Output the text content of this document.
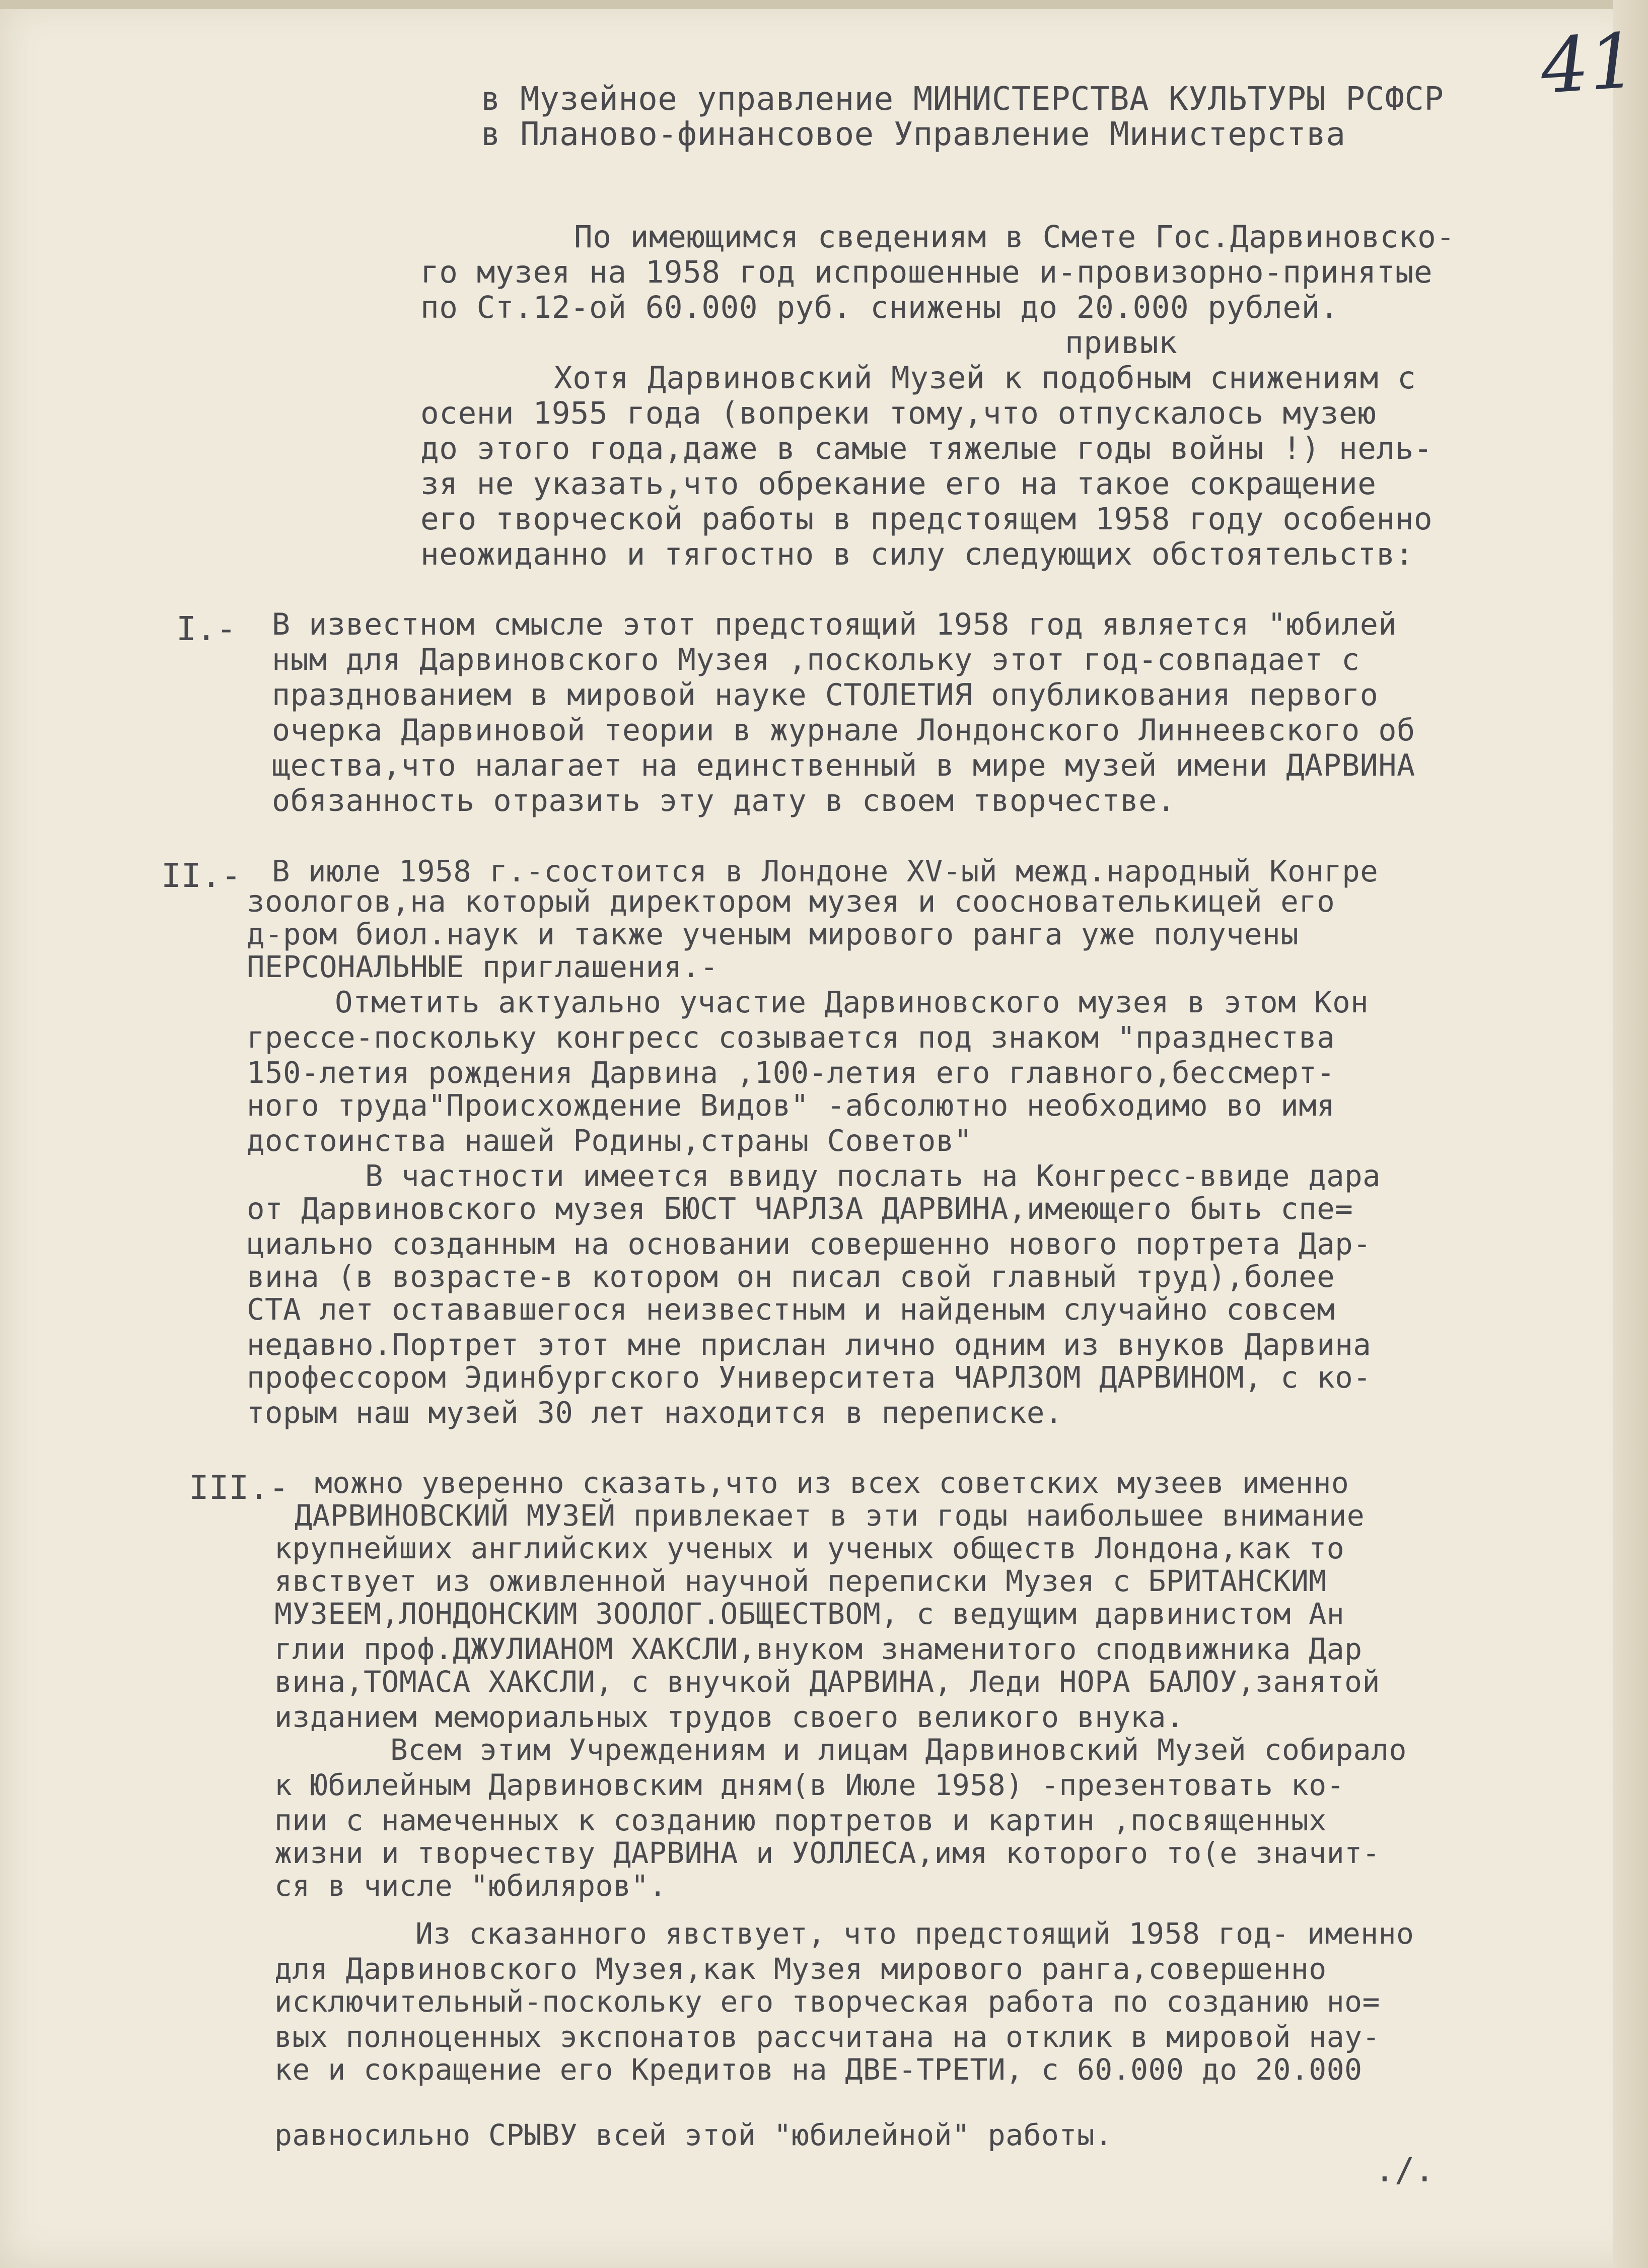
41
в Музейное управление МИНИСТЕРСТВА КУЛЬТУРЫ РСФСР
в Планово-финансовое Управление Министерства
По имеющимся сведениям в Смете Гос.Дарвиновско-
го музея на 1958 год испрошенные и-провизорно-принятые
по Ст.12-ой 60.000 руб. снижены до 20.000 рублей.
привык
Хотя Дарвиновский Музей к подобным снижениям с
осени 1955 года (вопреки тому,что отпускалось музею
до этого года,даже в самые тяжелые годы войны !) нель-
зя не указать,что обрекание его на такое сокращение
его творческой работы в предстоящем 1958 году особенно
неожиданно и тягостно в силу следующих обстоятельств:
I.- В известном смысле этот предстоящий 1958 год является "юбилей
ным для Дарвиновского Музея ,поскольку этот год-совпадает с
празднованием в мировой науке СТОЛЕТИЯ опубликования первого
очерка Дарвиновой теории в журнале Лондонского Линнеевского об
щества,что налагает на единственный в мире музей имени ДАРВИНА
обязанность отразить эту дату в своем творчестве.
II.- В июле 1958 г.-состоится в Лондоне XV-ый межд.народный Конгре
зоологов,на который директором музея и сооснователькицей его
д-ром биол.наук и также ученым мирового ранга уже получены
ПЕРСОНАЛЬНЫЕ приглашения.-
Отметить актуально участие Дарвиновского музея в этом Кон
грессе-поскольку конгресс созывается под знаком "празднества
150-летия рождения Дарвина ,100-летия его главного,бессмерт-
ного труда"Происхождение Видов" -абсолютно необходимо во имя
достоинства нашей Родины,страны Советов"
В частности имеется ввиду послать на Конгресс-ввиде дара
от Дарвиновского музея БЮСТ ЧАРЛЗА ДАРВИНА,имеющего быть спе=
циально созданным на основании совершенно нового портрета Дар-
вина (в возрасте-в котором он писал свой главный труд),более
СТА лет остававшегося неизвестным и найденым случайно совсем
недавно.Портрет этот мне прислан лично одним из внуков Дарвина
профессором Эдинбургского Университета ЧАРЛЗОМ ДАРВИНОМ, с ко-
торым наш музей 30 лет находится в переписке.
III.- можно уверенно сказать,что из всех советских музеев именно
ДАРВИНОВСКИЙ МУЗЕЙ привлекает в эти годы наибольшее внимание
крупнейших английских ученых и ученых обществ Лондона,как то
явствует из оживленной научной переписки Музея с БРИТАНСКИМ
МУЗЕЕМ,ЛОНДОНСКИМ ЗООЛОГ.ОБЩЕСТВОМ, с ведущим дарвинистом Ан
глии проф.ДЖУЛИАНОМ ХАКСЛИ,внуком знаменитого сподвижника Дар
вина,ТОМАСА ХАКСЛИ, с внучкой ДАРВИНА, Леди НОРА БАЛОУ,занятой
изданием мемориальных трудов своего великого внука.
Всем этим Учреждениям и лицам Дарвиновский Музей собирало
к Юбилейным Дарвиновским дням(в Июле 1958) -презентовать ко-
пии с намеченных к созданию портретов и картин ,посвященных
жизни и творчеству ДАРВИНА и УОЛЛЕСА,имя которого то(е значит-
ся в числе "юбиляров".
Из сказанного явствует, что предстоящий 1958 год- именно
для Дарвиновского Музея,как Музея мирового ранга,совершенно
исключительный-поскольку его творческая работа по созданию но=
вых полноценных экспонатов рассчитана на отклик в мировой нау-
ке и сокращение его Кредитов на ДВЕ-ТРЕТИ, с 60.000 до 20.000
равносильно СРЫВУ всей этой "юбилейной" работы.
./.
